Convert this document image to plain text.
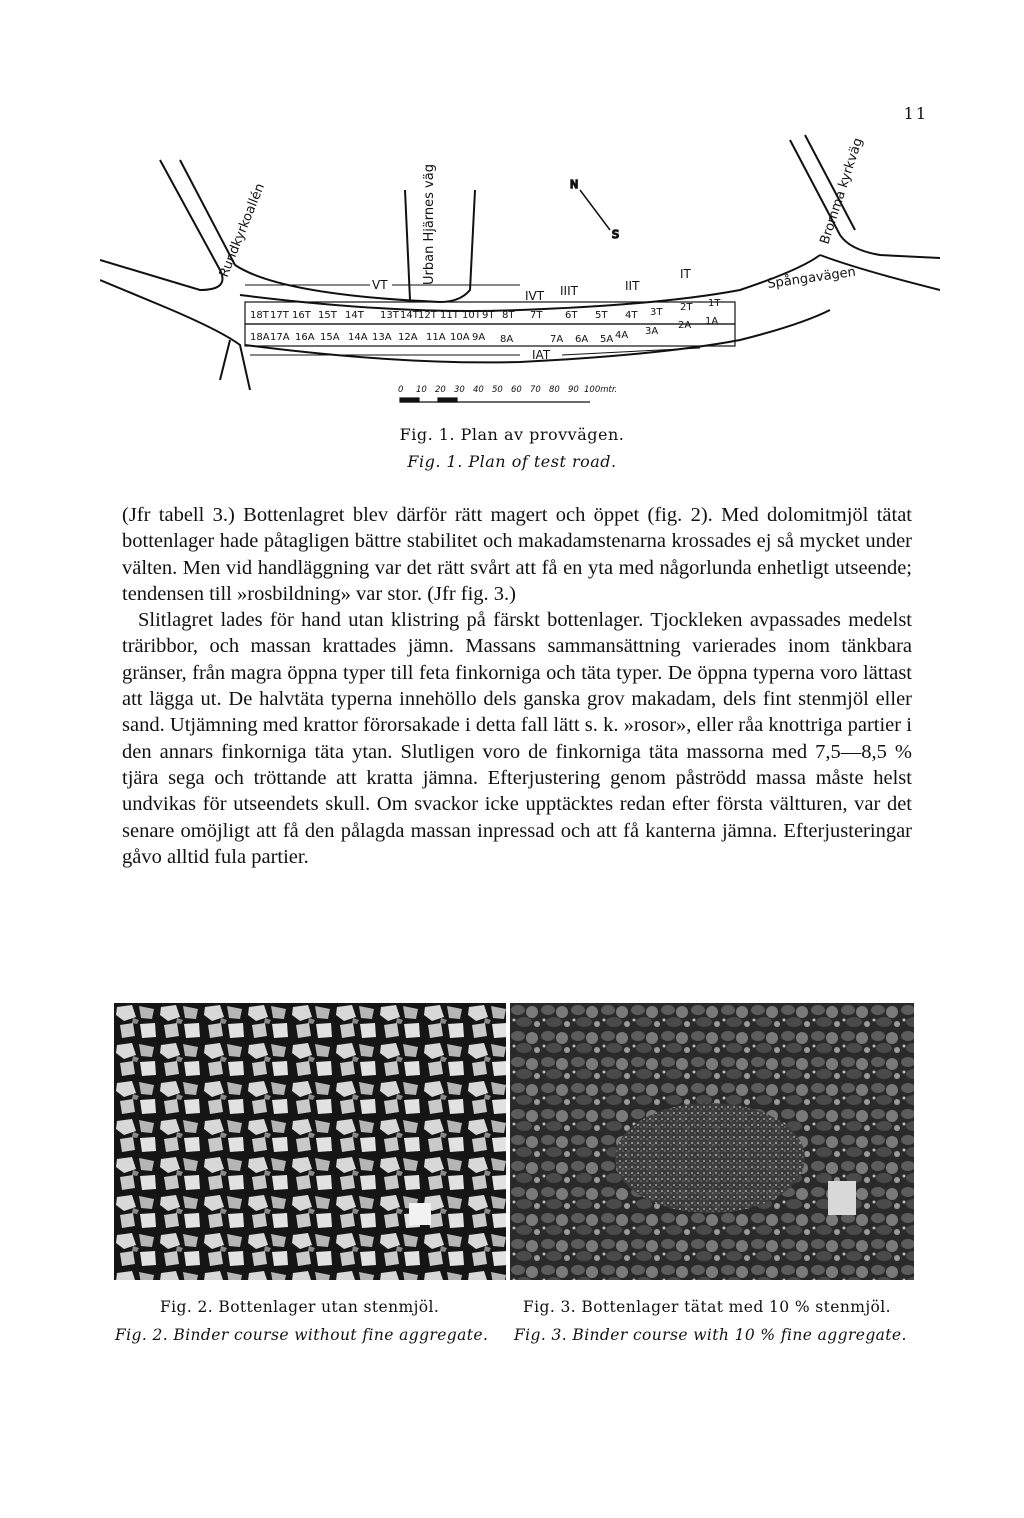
11
18T 17T 16T 15T 14T 13T 14T 12T 11T 10T 9T 8T 7T 6T 5T 4T 3T 2T 1T
18A 17A 16A 15A 14A 13A 12A 11A 10A 9A 8A	7A 6A 5A 4A 3A
2A 1A
VT
IVT IIIT	IIT
IT
IAT
Rundkyrkoallén	Urban Hjärnes väg	Bromma kyrkväg
Spångavägen
N
S
0 10 20 30 40 50 60 70 80 90 100mtr.
Fig. 1. Plan av provvägen.
Fig. 1. Plan of test road.

(Jfr tabell 3.) Bottenlagret blev därför rätt magert och öppet (fig. 2). Med dolomitmjöl tätat bottenlager hade påtagligen bättre stabilitet och makadamstenarna krossades ej så mycket under välten. Men vid handläggning var det rätt svårt att få en yta med någorlunda enhetligt utseende; tendensen till »rosbildning» var stor. (Jfr fig. 3.)

Slitlagret lades för hand utan klistring på färskt bottenlager. Tjockleken avpassades medelst träribbor, och massan krattades jämn. Massans sammansättning varierades inom tänkbara gränser, från magra öppna typer till feta finkorniga och täta typer. De öppna typerna voro lättast att lägga ut. De halvtäta typerna innehöllo dels ganska grov makadam, dels fint stenmjöl eller sand. Utjämning med krattor förorsakade i detta fall lätt s. k. »rosor», eller råa knottriga partier i den annars finkorniga täta ytan. Slutligen voro de finkorniga täta massorna med 7,5—8,5 % tjära sega och tröttande att kratta jämna. Efterjustering genom påströdd massa måste helst undvikas för utseendets skull. Om svackor icke upptäcktes redan efter första vältturen, var det senare omöjligt att få den pålagda massan inpressad och att få kanterna jämna. Efterjusteringar gåvo alltid fula partier.

Fig. 2. Bottenlager utan stenmjöl.
Fig. 2. Binder course without fine aggregate.
Fig. 3. Bottenlager tätat med 10 % stenmjöl.
Fig. 3. Binder course with 10 % fine aggregate.
